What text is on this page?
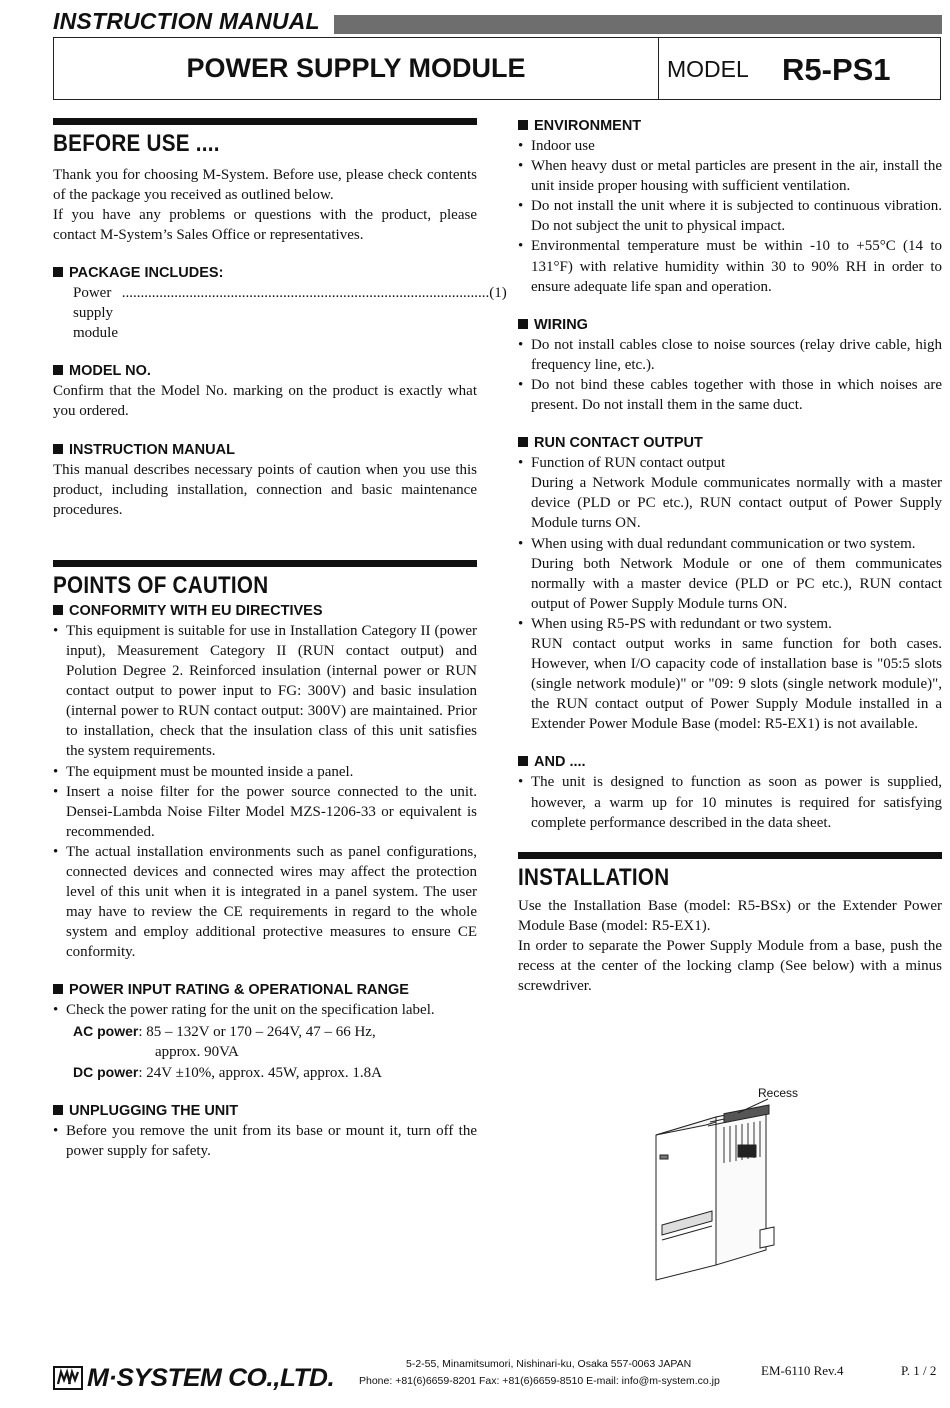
INSTRUCTION MANUAL
POWER SUPPLY MODULE	MODEL R5-PS1
BEFORE USE ....

Thank you for choosing M-System. Before use, please check contents of the package you received as outlined below.

If you have any problems or questions with the product, please contact M-System’s Sales Office or representatives.

PACKAGE INCLUDES:
Power supply module
.................................................................................................. (1)
MODEL NO.

Confirm that the Model No. marking on the product is exactly what you ordered.

INSTRUCTION MANUAL

This manual describes necessary points of caution when you use this product, including installation, connection and basic maintenance procedures.

POINTS OF CAUTION
CONFORMITY WITH EU DIRECTIVES
• This equipment is suitable for use in Installation Category II (power input), Measurement Category II (RUN contact output) and Polution Degree 2. Reinforced insulation (internal power or RUN contact output to power input to FG: 300V) and basic insulation (internal power to RUN contact output: 300V) are maintained. Prior to installation, check that the insulation class of this unit satisfies the system requirements.
• The equipment must be mounted inside a panel.
• Insert a noise filter for the power source connected to the unit. Densei-Lambda Noise Filter Model MZS-1206-33 or equivalent is recommended.
• The actual installation environments such as panel configurations, connected devices and connected wires may affect the protection level of this unit when it is integrated in a panel system. The user may have to review the CE requirements in regard to the whole system and employ additional protective measures to ensure CE conformity.
POWER INPUT RATING & OPERATIONAL RANGE
• Check the power rating for the unit on the specification label.
AC power: 85 – 132V or 170 – 264V, 47 – 66 Hz,
approx. 90VA
DC power: 24V ±10%, approx. 45W, approx. 1.8A
UNPLUGGING THE UNIT
• Before you remove the unit from its base or mount it, turn off the power supply for safety.
ENVIRONMENT
• Indoor use
• When heavy dust or metal particles are present in the air, install the unit inside proper housing with sufficient ventilation.
• Do not install the unit where it is subjected to continuous vibration. Do not subject the unit to physical impact.
• Environmental temperature must be within -10 to +55°C (14 to 131°F) with relative humidity within 30 to 90% RH in order to ensure adequate life span and operation.
WIRING
• Do not install cables close to noise sources (relay drive cable, high frequency line, etc.).
• Do not bind these cables together with those in which noises are present. Do not install them in the same duct.
RUN CONTACT OUTPUT
• Function of RUN contact output
During a Network Module communicates normally with a master device (PLD or PC etc.), RUN contact output of Power Supply Module turns ON.
• When using with dual redundant communication or two system.
During both Network Module or one of them communicates normally with a master device (PLD or PC etc.), RUN contact output of Power Supply Module turns ON.
• When using R5-PS with redundant or two system.
RUN contact output works in same function for both cases. However, when I/O capacity code of installation base is "05:5 slots (single network module)" or "09: 9 slots (single network module)", the RUN contact output of Power Supply Module installed in a Extender Power Module Base (model: R5-EX1) is not available.
AND ....
• The unit is designed to function as soon as power is supplied, however, a warm up for 10 minutes is required for satisfying complete performance described in the data sheet.
INSTALLATION

Use the Installation Base (model: R5-BSx) or the Extender Power Module Base (model: R5-EX1).

In order to separate the Power Supply Module from a base, push the recess at the center of the locking clamp (See below) with a minus screwdriver.

Recess
M·SYSTEM CO.,LTD.	5-2-55, Minamitsumori, Nishinari-ku, Osaka 557-0063 JAPAN
Phone: +81(6)6659-8201 Fax: +81(6)6659-8510 E-mail: info@m-system.co.jp
EM-6110 Rev.4	P. 1 / 2
